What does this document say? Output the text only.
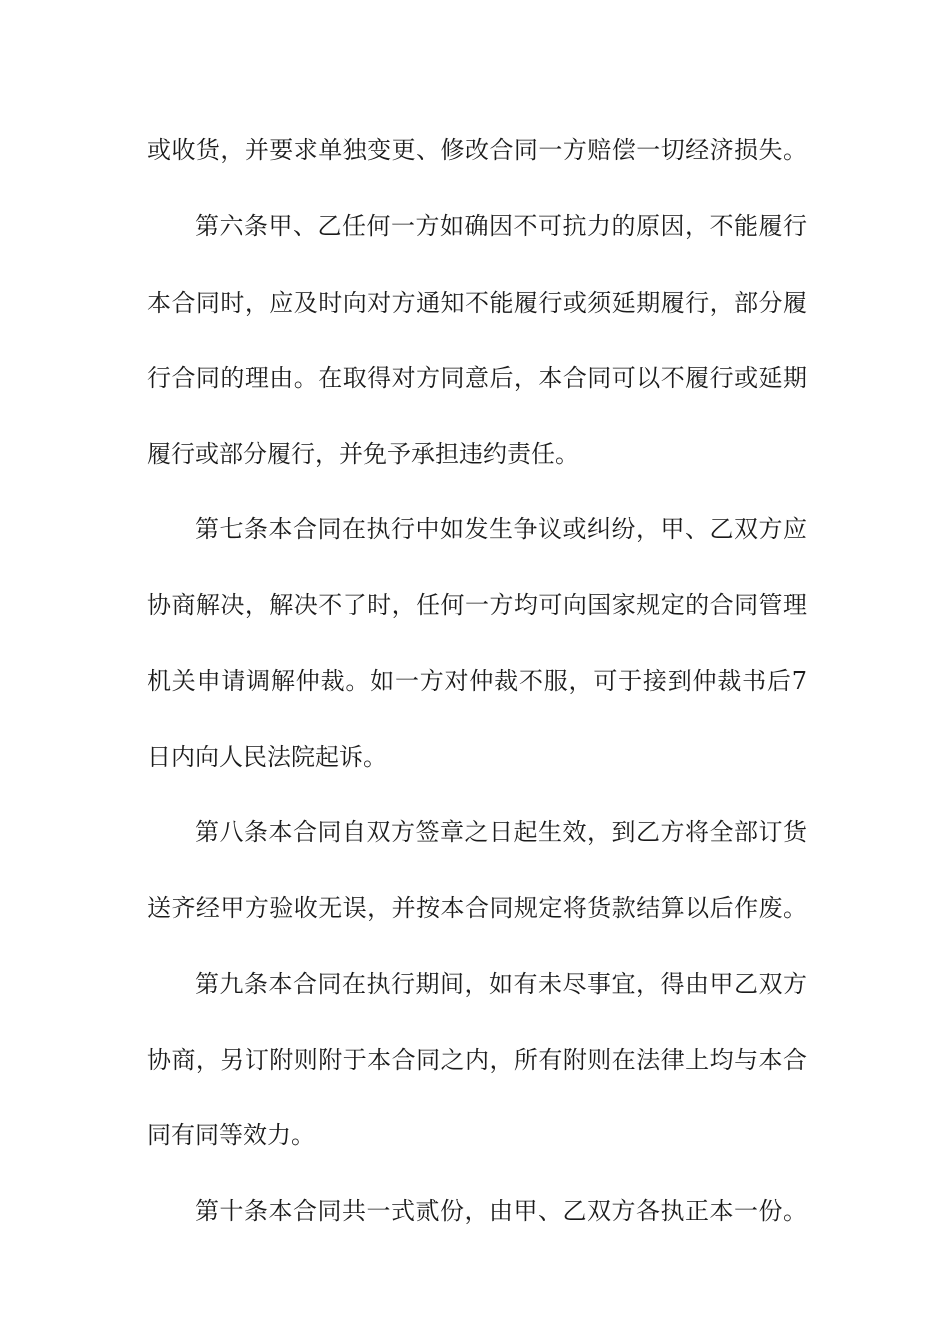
或收货，并要求单独变更、修改合同一方赔偿一切经济损失。
第六条甲、乙任何一方如确因不可抗力的原因，不能履行
本合同时，应及时向对方通知不能履行或须延期履行，部分履
行合同的理由。在取得对方同意后，本合同可以不履行或延期
履行或部分履行，并免予承担违约责任。
第七条本合同在执行中如发生争议或纠纷，甲、乙双方应
协商解决，解决不了时，任何一方均可向国家规定的合同管理
机关申请调解仲裁。如一方对仲裁不服，可于接到仲裁书后7
日内向人民法院起诉。
第八条本合同自双方签章之日起生效，到乙方将全部订货
送齐经甲方验收无误，并按本合同规定将货款结算以后作废。
第九条本合同在执行期间，如有未尽事宜，得由甲乙双方
协商，另订附则附于本合同之内，所有附则在法律上均与本合
同有同等效力。
第十条本合同共一式贰份，由甲、乙双方各执正本一份。
